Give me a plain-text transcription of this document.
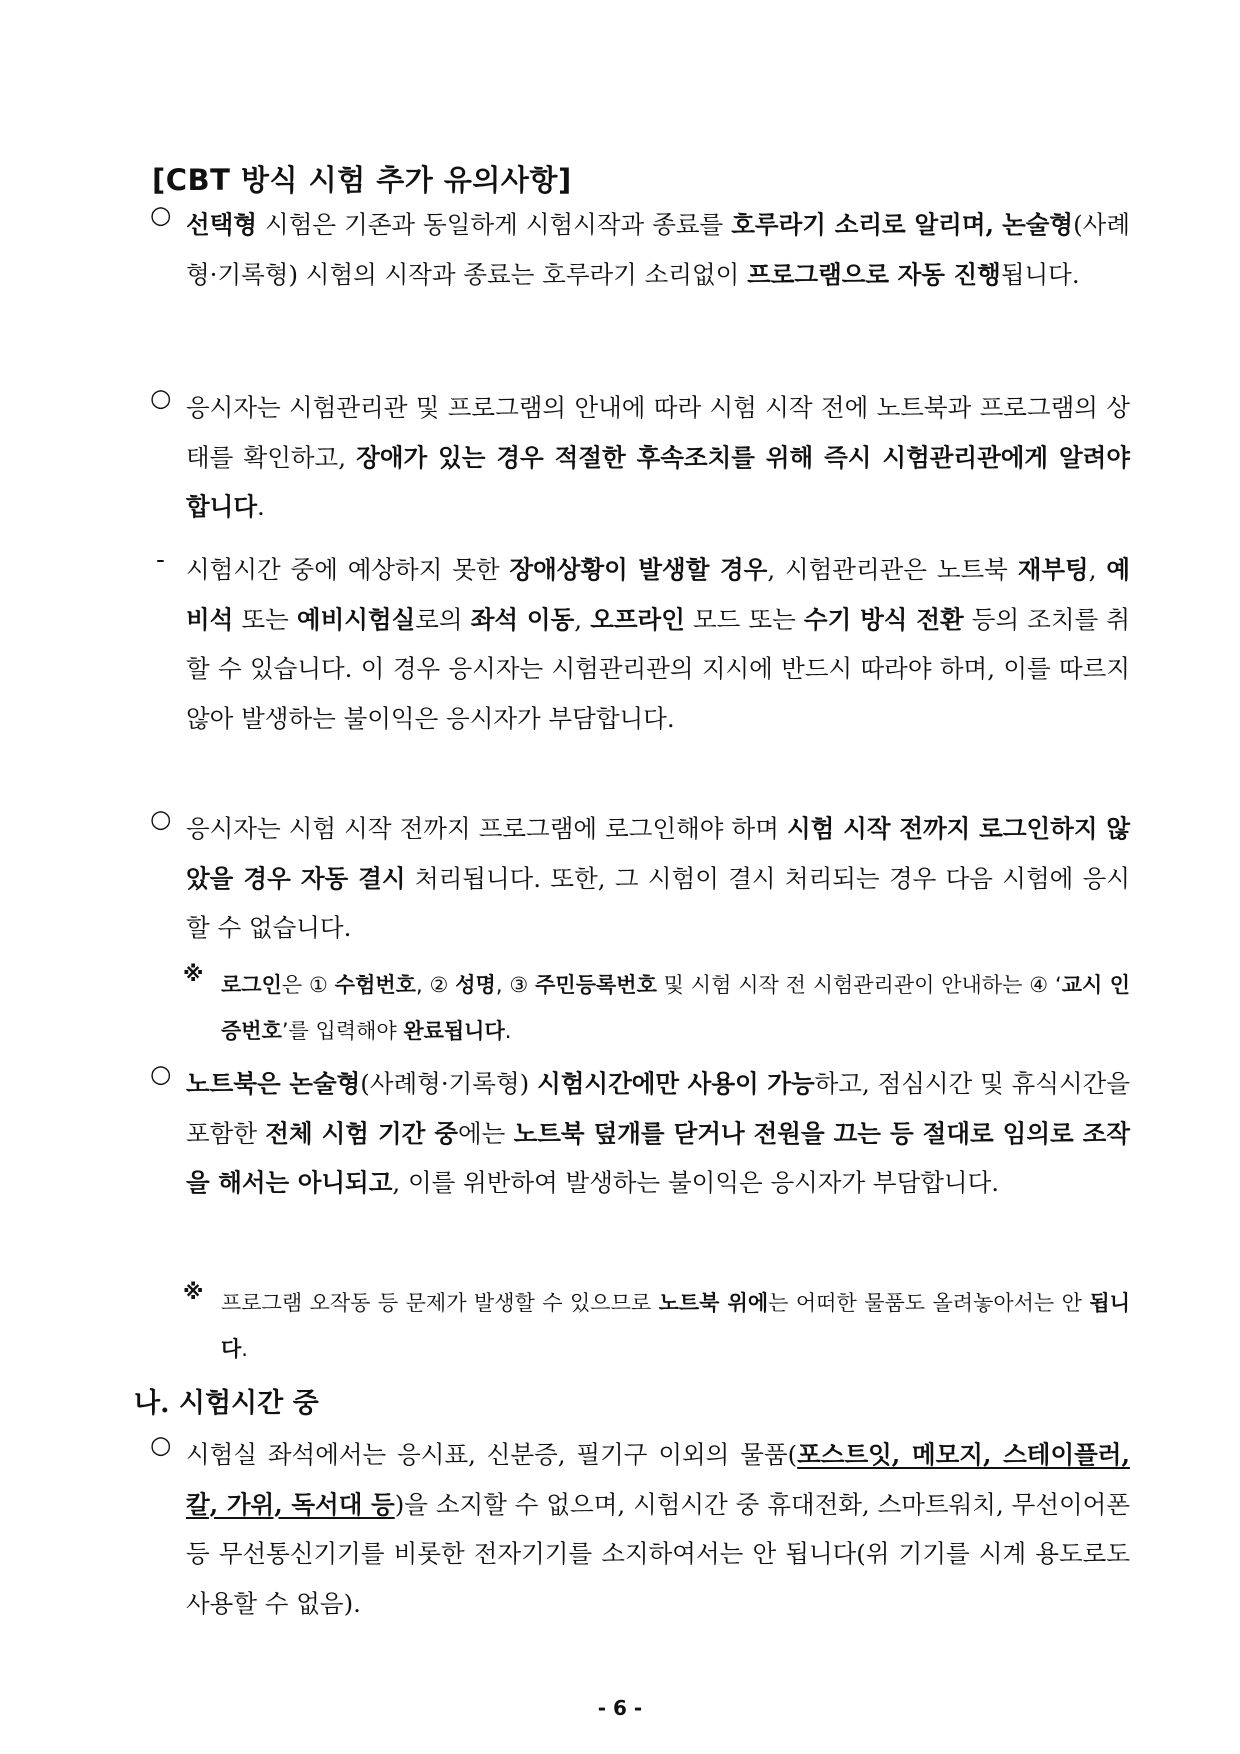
[CBT 방식 시험 추가 유의사항]
○ 선택형 시험은 기존과 동일하게 시험시작과 종료를 호루라기 소리로 알리며, 논술형(사례형·기록형) 시험의 시작과 종료는 호루라기 소리없이 프로그램으로 자동 진행됩니다.
○ 응시자는 시험관리관 및 프로그램의 안내에 따라 시험 시작 전에 노트북과 프로그램의 상태를 확인하고, 장애가 있는 경우 적절한 후속조치를 위해 즉시 시험관리관에게 알려야 합니다.
- 시험시간 중에 예상하지 못한 장애상황이 발생할 경우, 시험관리관은 노트북 재부팅, 예비석 또는 예비시험실로의 좌석 이동, 오프라인 모드 또는 수기 방식 전환 등의 조치를 취할 수 있습니다. 이 경우 응시자는 시험관리관의 지시에 반드시 따라야 하며, 이를 따르지 않아 발생하는 불이익은 응시자가 부담합니다.
○ 응시자는 시험 시작 전까지 프로그램에 로그인해야 하며 시험 시작 전까지 로그인하지 않았을 경우 자동 결시 처리됩니다. 또한, 그 시험이 결시 처리되는 경우 다음 시험에 응시할 수 없습니다.
※ 로그인은 ① 수험번호, ② 성명, ③ 주민등록번호 및 시험 시작 전 시험관리관이 안내하는 ④ ‘교시 인증번호’를 입력해야 완료됩니다.
○ 노트북은 논술형(사례형·기록형) 시험시간에만 사용이 가능하고, 점심시간 및 휴식시간을 포함한 전체 시험 기간 중에는 노트북 덮개를 닫거나 전원을 끄는 등 절대로 임의로 조작을 해서는 아니되고, 이를 위반하여 발생하는 불이익은 응시자가 부담합니다.
※ 프로그램 오작동 등 문제가 발생할 수 있으므로 노트북 위에는 어떠한 물품도 올려놓아서는 안 됩니다.
나. 시험시간 중
○ 시험실 좌석에서는 응시표, 신분증, 필기구 이외의 물품(포스트잇, 메모지, 스테이플러, 칼, 가위, 독서대 등)을 소지할 수 없으며, 시험시간 중 휴대전화, 스마트워치, 무선이어폰 등 무선통신기기를 비롯한 전자기기를 소지하여서는 안 됩니다(위 기기를 시계 용도로도 사용할 수 없음).
- 6 -
